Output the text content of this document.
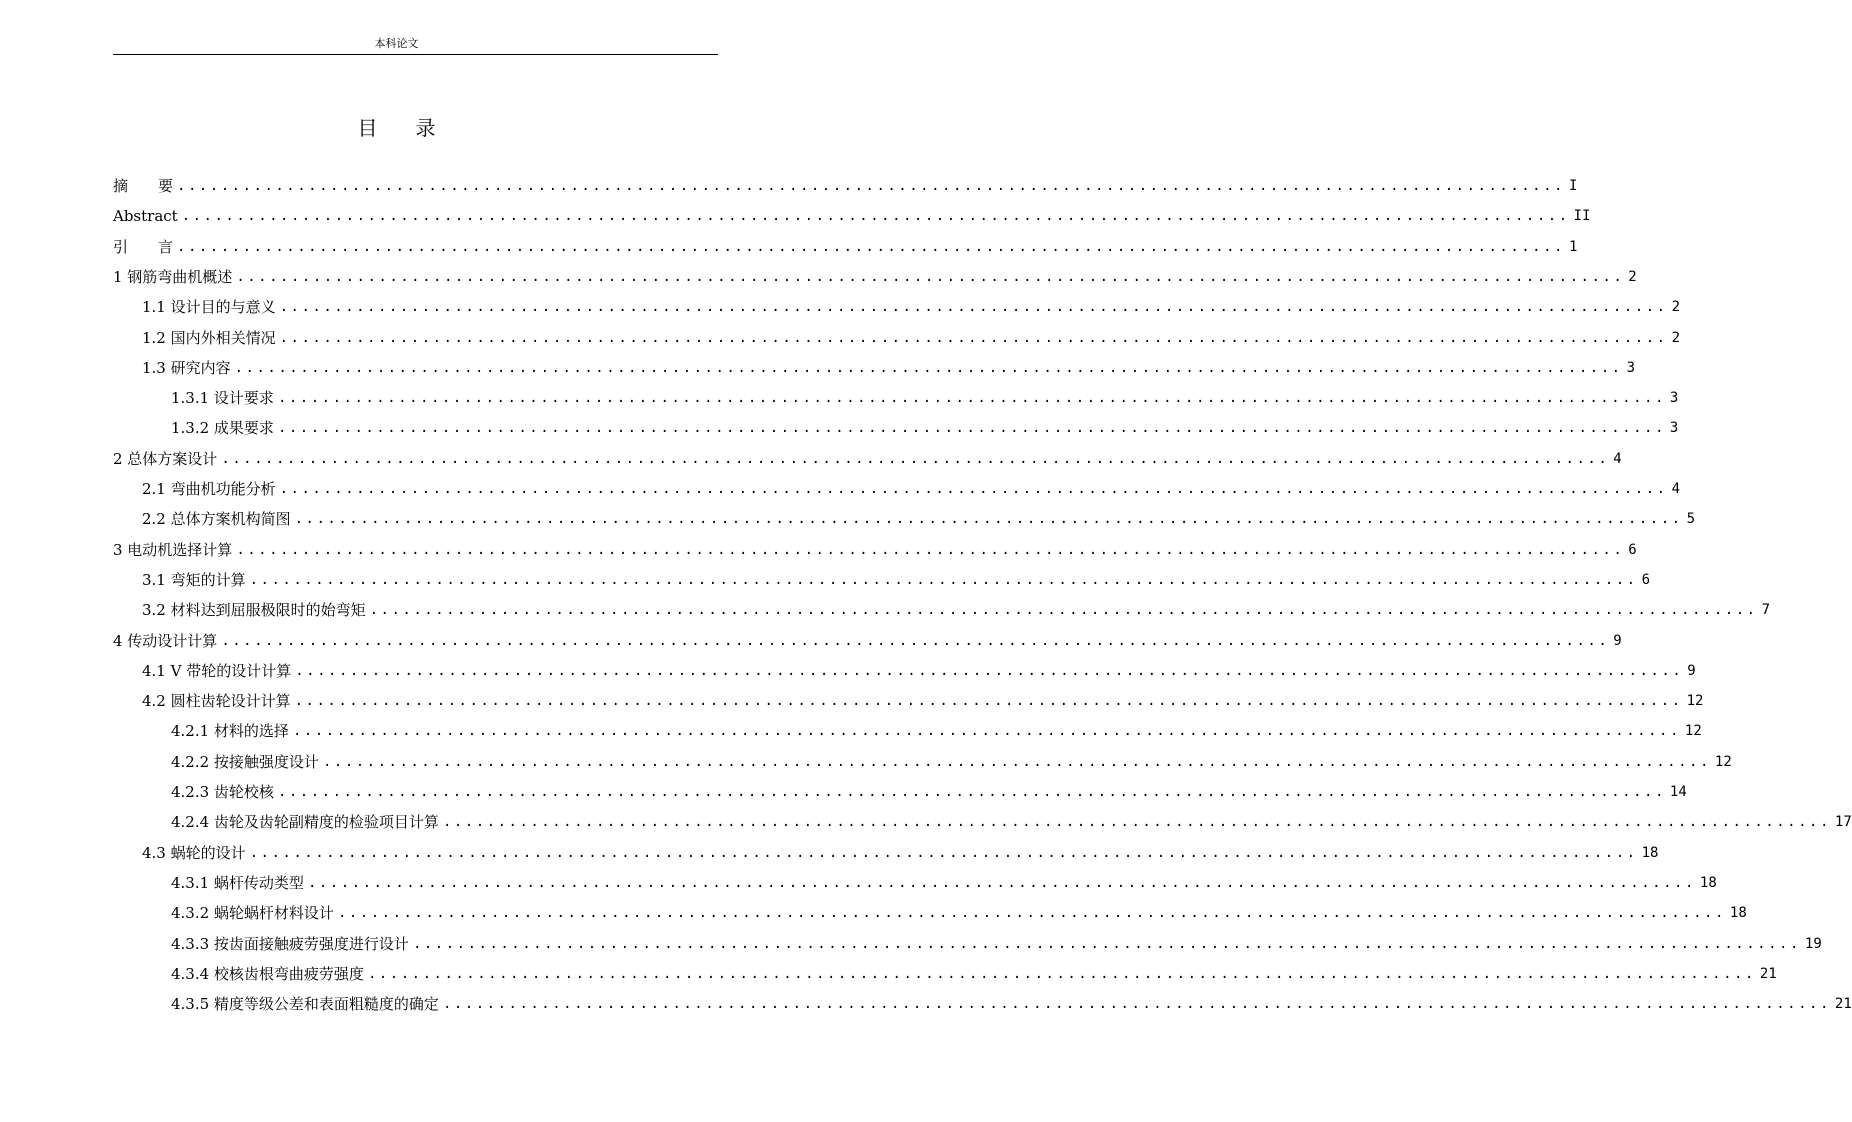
本科论文
目 录
摘　　要 ............................................................................................................................... I
Abstract ............................................................................................................................... II
引　　言 ............................................................................................................................... 1
1 钢筋弯曲机概述 ............................................................................................................................... 2
1.1 设计目的与意义 ............................................................................................................................... 2
1.2 国内外相关情况 ............................................................................................................................... 2
1.3 研究内容 ............................................................................................................................... 3
1.3.1 设计要求 ............................................................................................................................... 3
1.3.2 成果要求 ............................................................................................................................... 3
2 总体方案设计 ............................................................................................................................... 4
2.1 弯曲机功能分析 ............................................................................................................................... 4
2.2 总体方案机构简图 ............................................................................................................................... 5
3 电动机选择计算 ............................................................................................................................... 6
3.1 弯矩的计算 ............................................................................................................................... 6
3.2 材料达到屈服极限时的始弯矩 ............................................................................................................................... 7
4 传动设计计算 ............................................................................................................................... 9
4.1 V 带轮的设计计算 ............................................................................................................................... 9
4.2 圆柱齿轮设计计算 ............................................................................................................................... 12
4.2.1 材料的选择 ............................................................................................................................... 12
4.2.2 按接触强度设计 ............................................................................................................................... 12
4.2.3 齿轮校核 ............................................................................................................................... 14
4.2.4 齿轮及齿轮副精度的检验项目计算 ............................................................................................................................... 17
4.3 蜗轮的设计 ............................................................................................................................... 18
4.3.1 蜗杆传动类型 ............................................................................................................................... 18
4.3.2 蜗轮蜗杆材料设计 ............................................................................................................................... 18
4.3.3 按齿面接触疲劳强度进行设计 ............................................................................................................................... 19
4.3.4 校核齿根弯曲疲劳强度 ............................................................................................................................... 21
4.3.5 精度等级公差和表面粗糙度的确定 ............................................................................................................................... 21
